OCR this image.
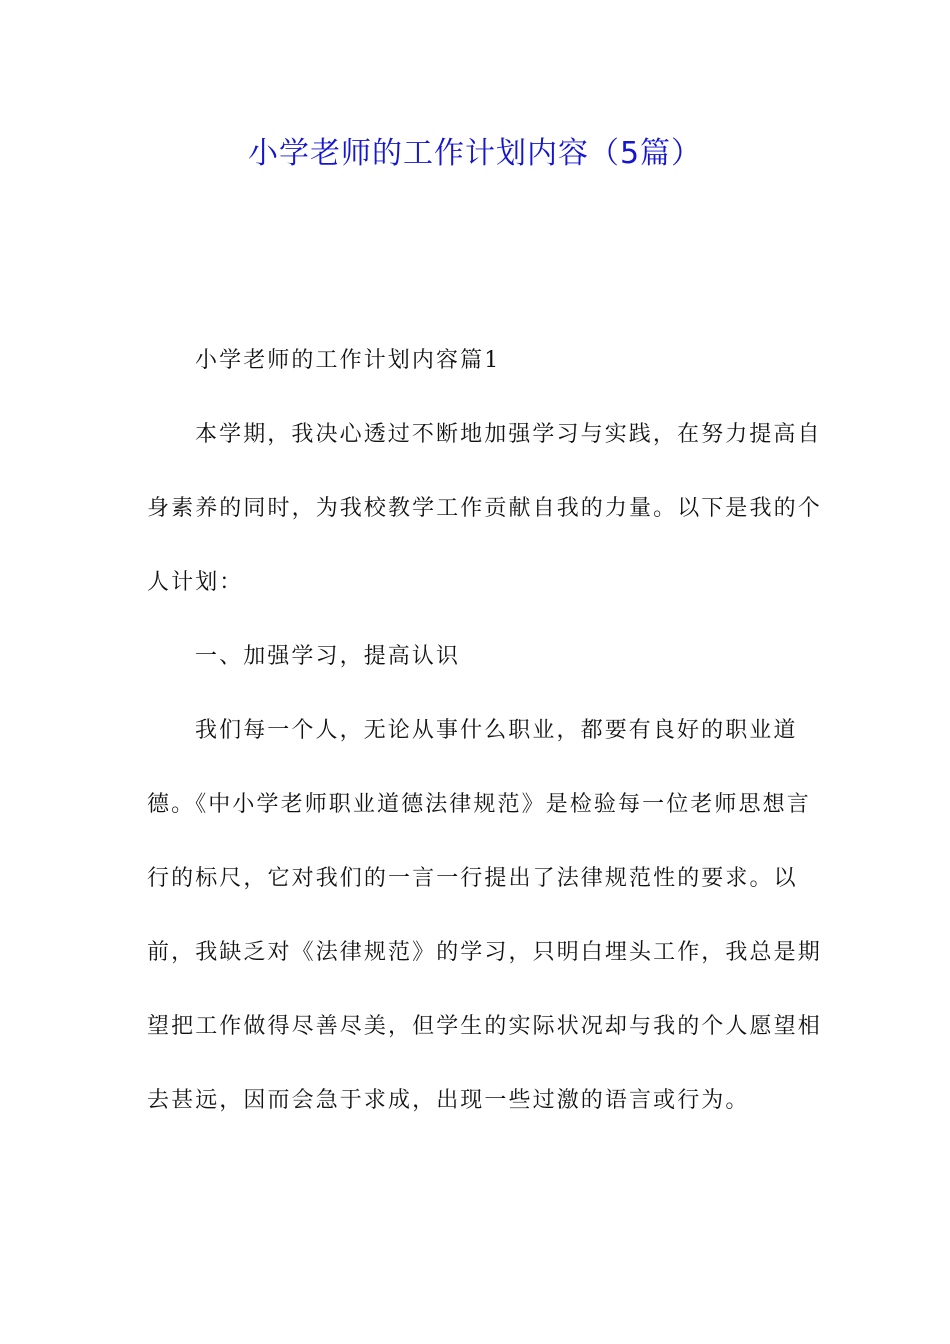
小学老师的工作计划内容（5篇）

小学老师的工作计划内容篇1

本学期，我决心透过不断地加强学习与实践，在努力提高自身素养的同时，为我校教学工作贡献自我的力量。以下是我的个人计划：

一、加强学习，提高认识

我们每一个人，无论从事什么职业，都要有良好的职业道德。《中小学老师职业道德法律规范》是检验每一位老师思想言行的标尺，它对我们的一言一行提出了法律规范性的要求。以前，我缺乏对《法律规范》的学习，只明白埋头工作，我总是期望把工作做得尽善尽美，但学生的实际状况却与我的个人愿望相去甚远，因而会急于求成，出现一些过激的语言或行为。
